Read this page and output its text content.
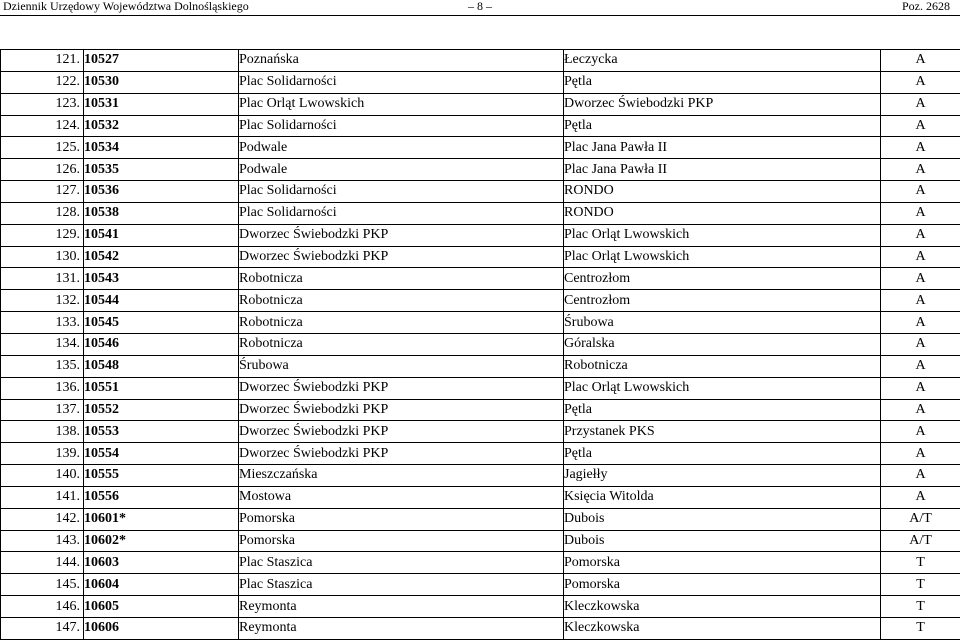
Dziennik Urzędowy Województwa Dolnośląskiego	– 8 –	Poz. 2628
121.	10527	Poznańska	Łeczycka	A
122.	10530	Plac Solidarności	Pętla	A
123.	10531	Plac Orląt Lwowskich	Dworzec Świebodzki PKP	A
124.	10532	Plac Solidarności	Pętla	A
125.	10534	Podwale	Plac Jana Pawła II	A
126.	10535	Podwale	Plac Jana Pawła II	A
127.	10536	Plac Solidarności	RONDO	A
128.	10538	Plac Solidarności	RONDO	A
129.	10541	Dworzec Świebodzki PKP	Plac Orląt Lwowskich	A
130.	10542	Dworzec Świebodzki PKP	Plac Orląt Lwowskich	A
131.	10543	Robotnicza	Centrozłom	A
132.	10544	Robotnicza	Centrozłom	A
133.	10545	Robotnicza	Śrubowa	A
134.	10546	Robotnicza	Góralska	A
135.	10548	Śrubowa	Robotnicza	A
136.	10551	Dworzec Świebodzki PKP	Plac Orląt Lwowskich	A
137.	10552	Dworzec Świebodzki PKP	Pętla	A
138.	10553	Dworzec Świebodzki PKP	Przystanek PKS	A
139.	10554	Dworzec Świebodzki PKP	Pętla	A
140.	10555	Mieszczańska	Jagiełły	A
141.	10556	Mostowa	Księcia Witolda	A
142.	10601*	Pomorska	Dubois	A/T
143.	10602*	Pomorska	Dubois	A/T
144.	10603	Plac Staszica	Pomorska	T
145.	10604	Plac Staszica	Pomorska	T
146.	10605	Reymonta	Kleczkowska	T
147.	10606	Reymonta	Kleczkowska	T
